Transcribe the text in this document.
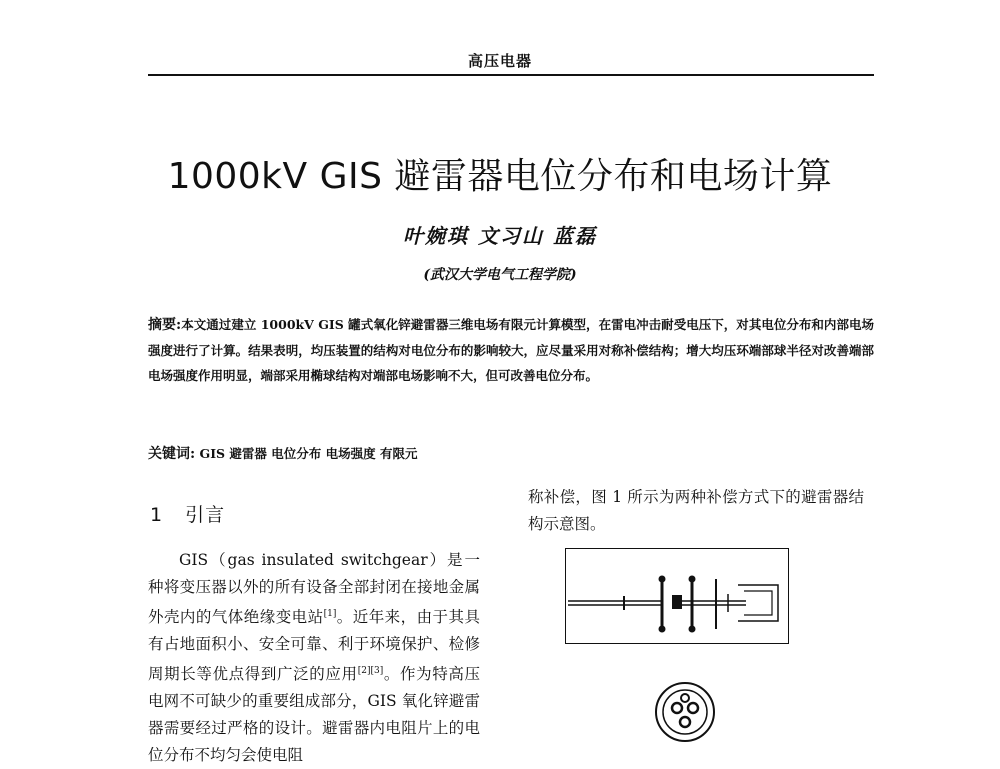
高压电器
1000kV GIS 避雷器电位分布和电场计算
叶婉琪 文习山 蓝磊
(武汉大学电气工程学院)
摘要:本文通过建立 1000kV GIS 罐式氧化锌避雷器三维电场有限元计算模型，在雷电冲击耐受电压下，对其电位分布和内部电场强度进行了计算。结果表明，均压装置的结构对电位分布的影响较大，应尽量采用对称补偿结构；增大均压环端部球半径对改善端部电场强度作用明显，端部采用椭球结构对端部电场影响不大，但可改善电位分布。
关键词: GIS 避雷器 电位分布 电场强度 有限元
1 引言
GIS（gas insulated switchgear）是一种将变压器以外的所有设备全部封闭在接地金属外壳内的气体绝缘变电站[1]。近年来，由于其具有占地面积小、安全可靠、利于环境保护、检修周期长等优点得到广泛的应用[2][3]。作为特高压电网不可缺少的重要组成部分，GIS 氧化锌避雷器需要经过严格的设计。避雷器内电阻片上的电位分布不均匀会使电阻
称补偿，图 1 所示为两种补偿方式下的避雷器结构示意图。
